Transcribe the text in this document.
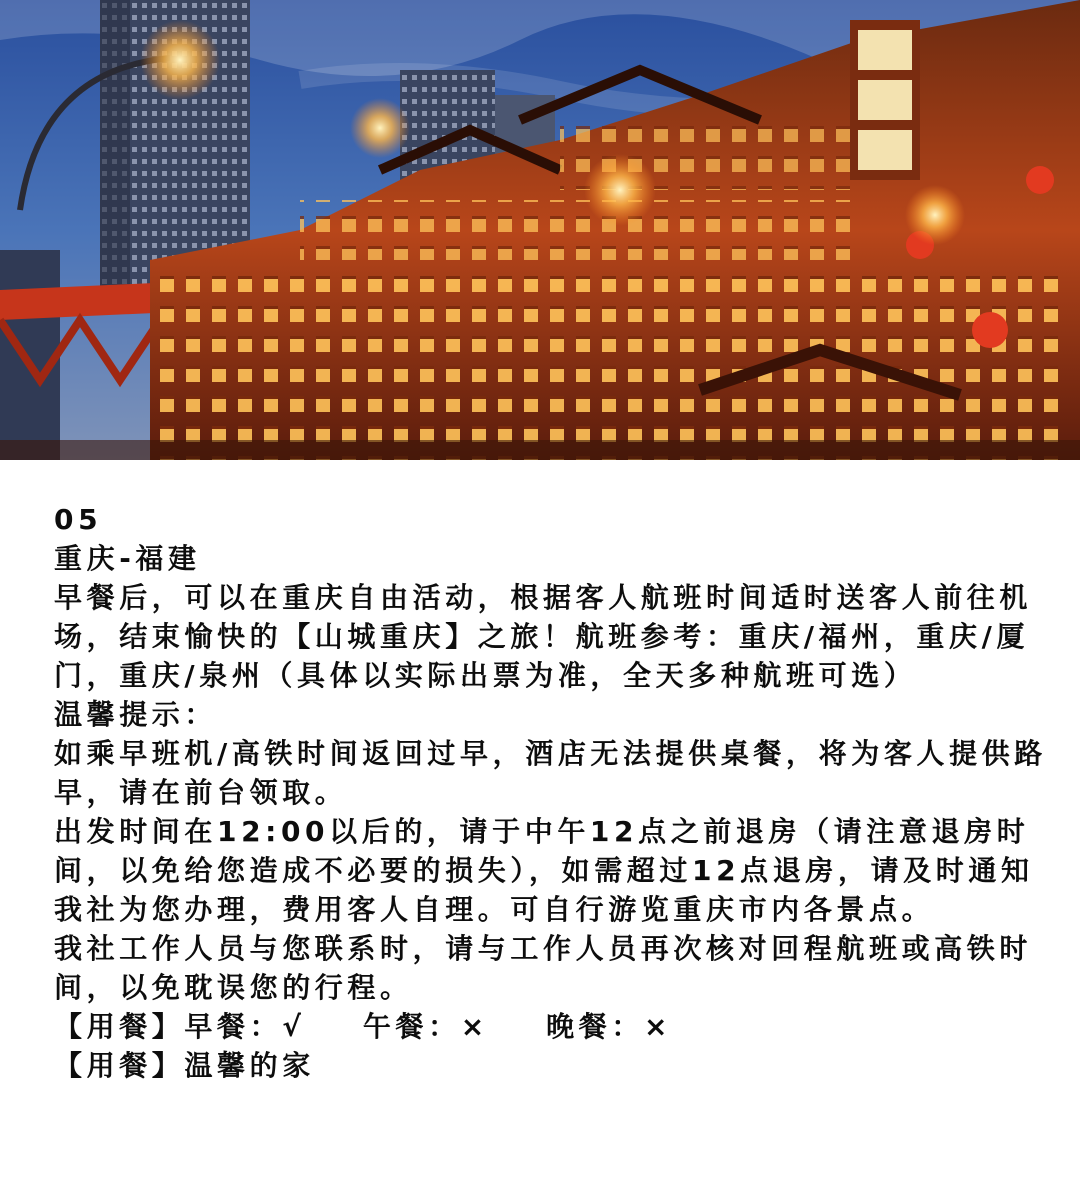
05

重庆-福建

早餐后，可以在重庆自由活动，根据客人航班时间适时送客人前往机场，结束愉快的【山城重庆】之旅！航班参考：重庆/福州，重庆/厦门，重庆/泉州（具体以实际出票为准，全天多种航班可选）

温馨提示：

如乘早班机/高铁时间返回过早，酒店无法提供桌餐，将为客人提供路早，请在前台领取。

出发时间在12:00以后的，请于中午12点之前退房（请注意退房时间，以免给您造成不必要的损失），如需超过12点退房，请及时通知我社为您办理，费用客人自理。可自行游览重庆市内各景点。

我社工作人员与您联系时，请与工作人员再次核对回程航班或高铁时间，以免耽误您的行程。

【用餐】早餐：√ 午餐：× 晚餐：×

【用餐】温馨的家
